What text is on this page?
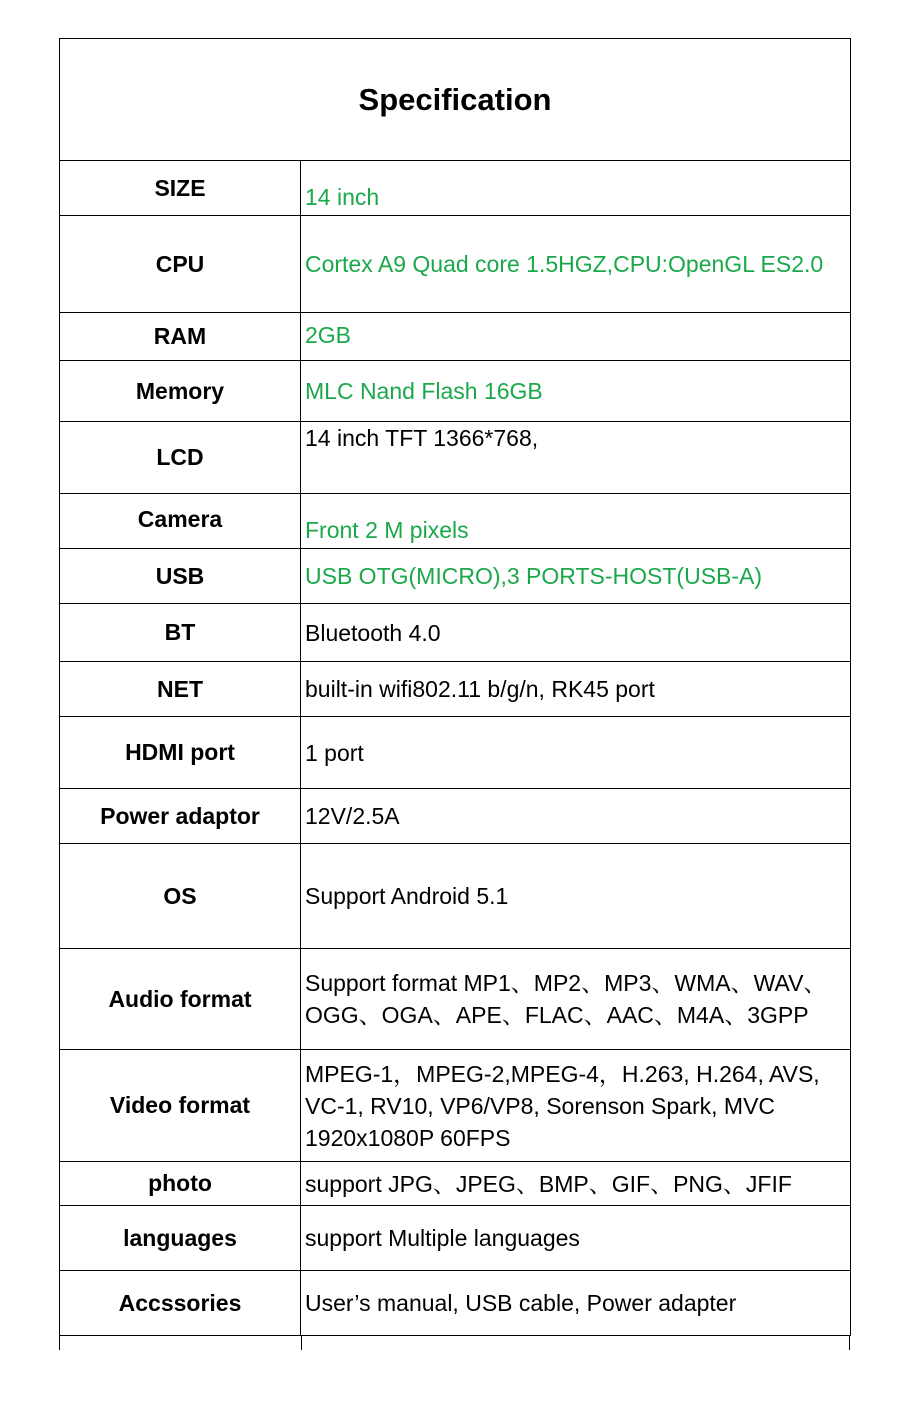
Specification	
SIZE	14 inch
CPU	Cortex A9 Quad core 1.5HGZ,CPU:OpenGL ES2.0
RAM	2GB
Memory	MLC Nand Flash 16GB
LCD	14 inch TFT 1366*768,
Camera	Front 2 M pixels
USB	USB OTG(MICRO),3 PORTS-HOST(USB-A)
BT	Bluetooth 4.0
NET	built-in wifi802.11 b/g/n, RK45 port
HDMI port	1 port
Power adaptor	12V/2.5A
OS	Support Android 5.1
Audio format	Support format MP1、MP2、MP3、WMA、WAV、OGG、OGA、APE、FLAC、AAC、M4A、3GPP
Video format	MPEG-1，MPEG-2,MPEG-4，H.263, H.264, AVS, VC-1, RV10, VP6/VP8, Sorenson Spark, MVC 1920x1080P 60FPS
photo	support JPG、JPEG、BMP、GIF、PNG、JFIF
languages	support Multiple languages
Accssories	User’s manual, USB cable, Power adapter
